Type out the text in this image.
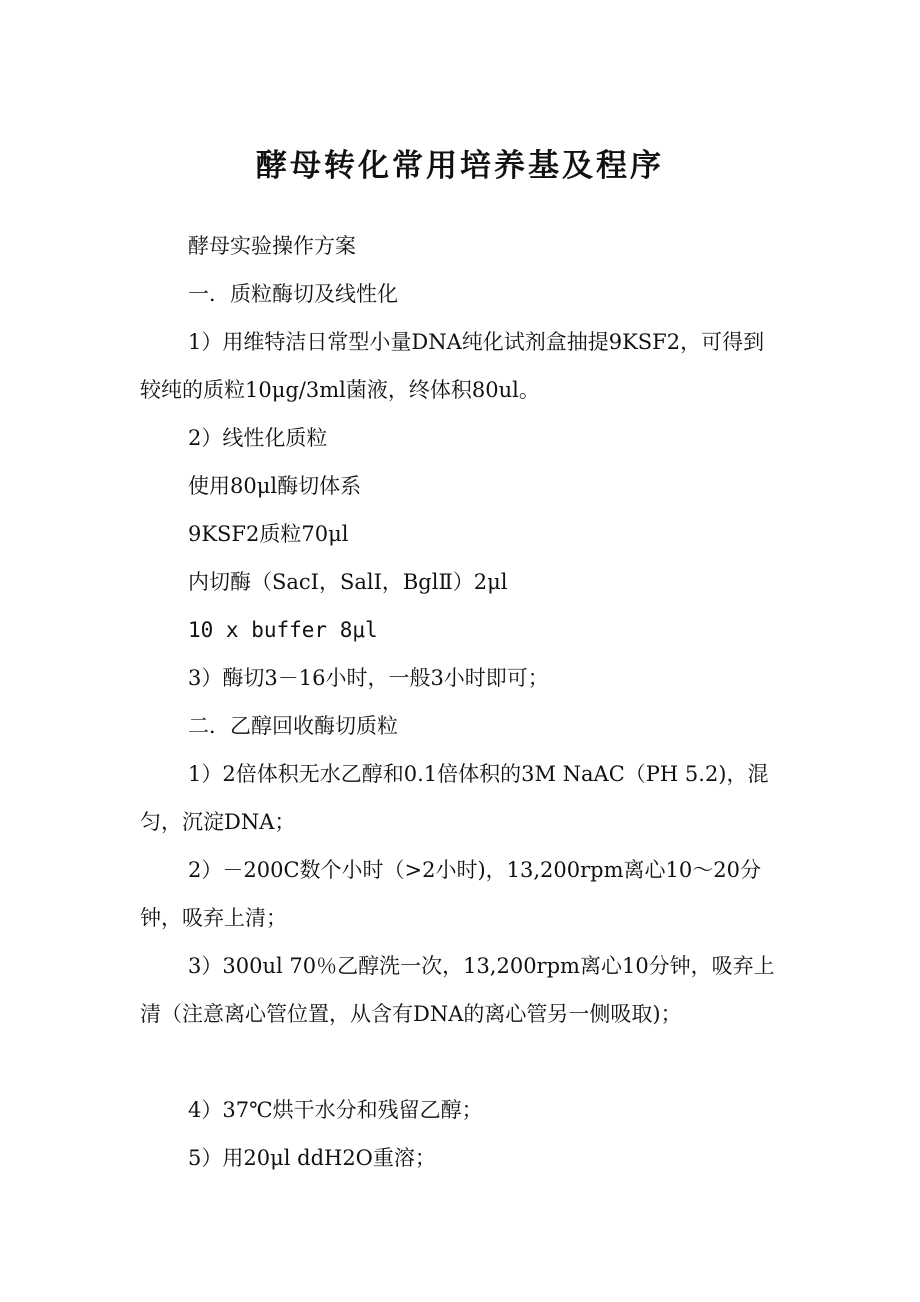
酵母转化常用培养基及程序
酵母实验操作方案
一．质粒酶切及线性化
1）用维特洁日常型小量DNA纯化试剂盒抽提9KSF2，可得到较纯的质粒10μg/3ml菌液，终体积80ul。
2）线性化质粒
使用80μl酶切体系
9KSF2质粒70μl
内切酶（SacI，SalI，BglⅡ）2μl
10 x buffer 8μl
3）酶切3－16小时，一般3小时即可；
二．乙醇回收酶切质粒
1）2倍体积无水乙醇和0.1倍体积的3M NaAC（PH 5.2)，混匀，沉淀DNA；
2）－200C数个小时（>2小时)，13,200rpm离心10～20分钟，吸弃上清；
3）300ul 70％乙醇洗一次，13,200rpm离心10分钟，吸弃上清（注意离心管位置，从含有DNA的离心管另一侧吸取)；
4）37℃烘干水分和残留乙醇；
5）用20μl ddH2O重溶；
